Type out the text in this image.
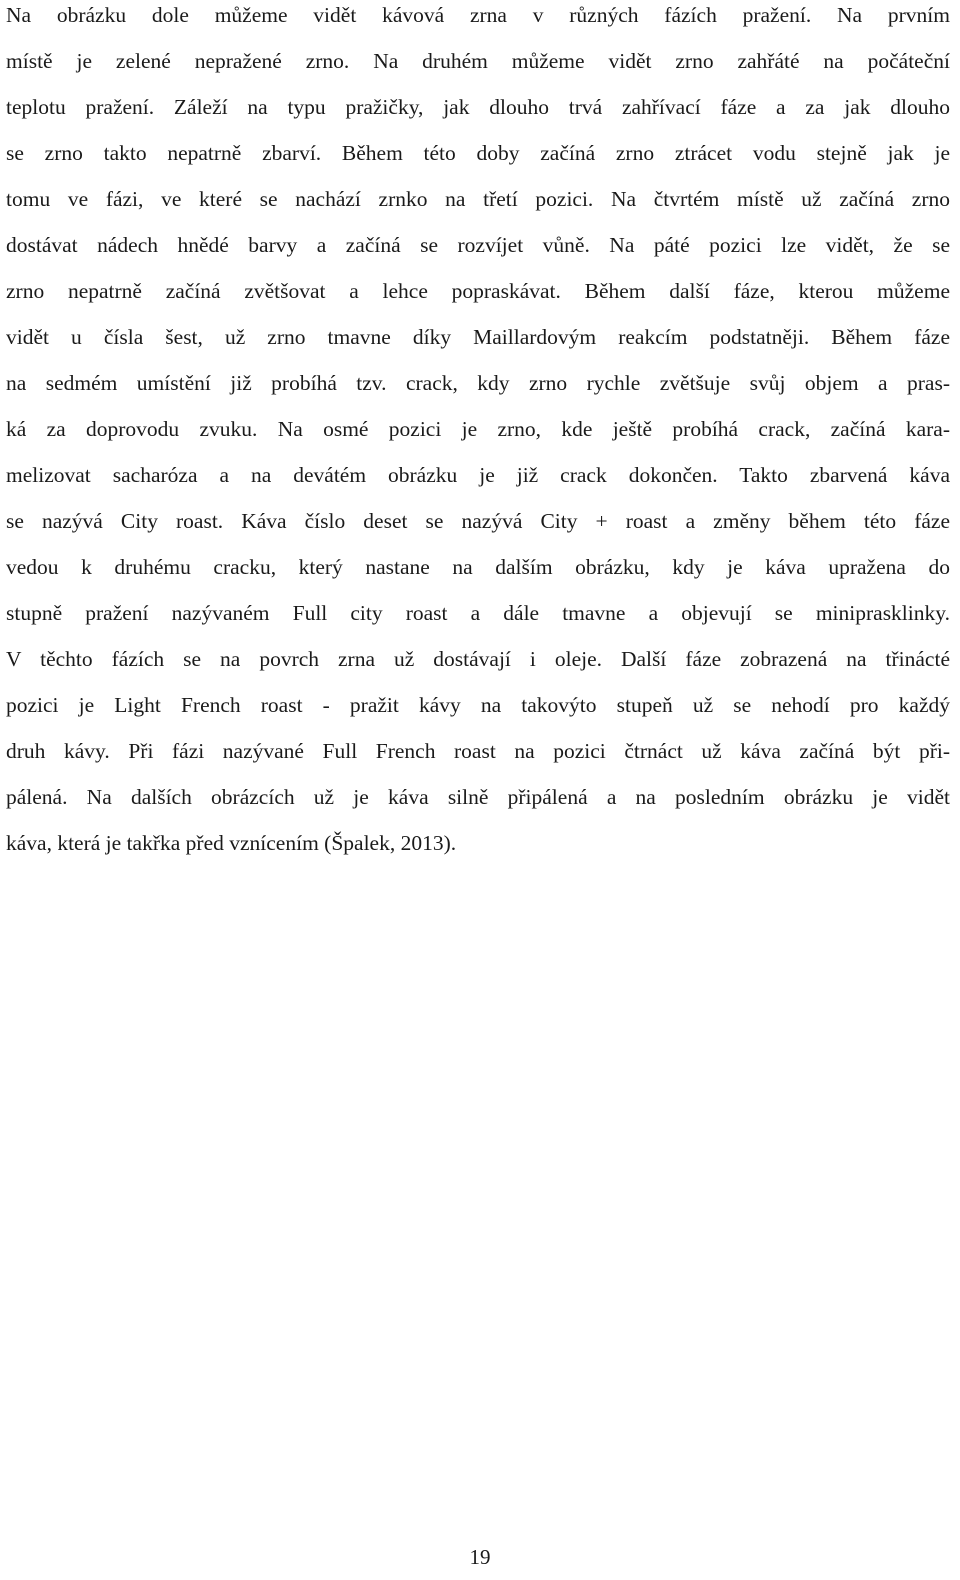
Na obrázku dole můžeme vidět kávová zrna v různých fázích pražení. Na prvním
místě je zelené nepražené zrno. Na druhém můžeme vidět zrno zahřáté na počáteční
teplotu pražení. Záleží na typu pražičky, jak dlouho trvá zahřívací fáze a za jak dlouho
se zrno takto nepatrně zbarví. Během této doby začíná zrno ztrácet vodu stejně jak je
tomu ve fázi, ve které se nachází zrnko na třetí pozici. Na čtvrtém místě už začíná zrno
dostávat nádech hnědé barvy a začíná se rozvíjet vůně. Na páté pozici lze vidět, že se
zrno nepatrně začíná zvětšovat a lehce popraskávat. Během další fáze, kterou můžeme
vidět u čísla šest, už zrno tmavne díky Maillardovým reakcím podstatněji. Během fáze
na sedmém umístění již probíhá tzv. crack, kdy zrno rychle zvětšuje svůj objem a pras-
ká za doprovodu zvuku. Na osmé pozici je zrno, kde ještě probíhá crack, začíná kara-
melizovat sacharóza a na devátém obrázku je již crack dokončen. Takto zbarvená káva
se nazývá City roast. Káva číslo deset se nazývá City + roast a změny během této fáze
vedou k druhému cracku, který nastane na dalším obrázku, kdy je káva upražena do
stupně pražení nazývaném Full city roast a dále tmavne a objevují se miniprasklinky.
V těchto fázích se na povrch zrna už dostávají i oleje. Další fáze zobrazená na třinácté
pozici je Light French roast - pražit kávy na takovýto stupeň už se nehodí pro každý
druh kávy. Při fázi nazývané Full French roast na pozici čtrnáct už káva začíná být při-
pálená. Na dalších obrázcích už je káva silně připálená a na posledním obrázku je vidět
káva, která je takřka před vznícením (Špalek, 2013).
19
